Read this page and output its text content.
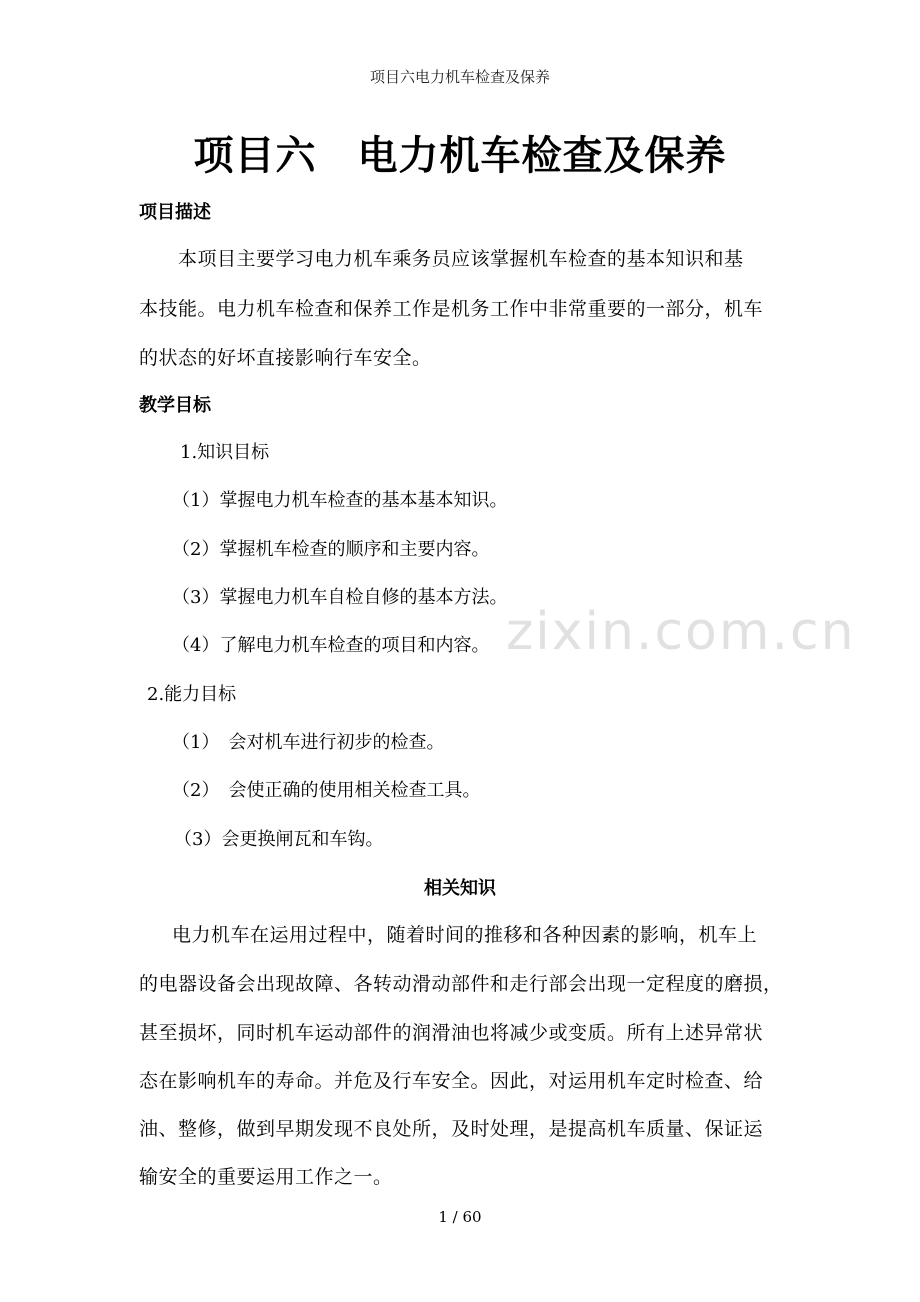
项目六电力机车检查及保养
项目六　电力机车检查及保养
项目描述
本项目主要学习电力机车乘务员应该掌握机车检查的基本知识和基
本技能。电力机车检查和保养工作是机务工作中非常重要的一部分，机车
的状态的好坏直接影响行车安全。
教学目标
1.知识目标
（1）掌握电力机车检查的基本基本知识。
（2）掌握机车检查的顺序和主要内容。
（3）掌握电力机车自检自修的基本方法。
（4）了解电力机车检查的项目和内容。 zixin.com.cn
2.能力目标
（1）　会对机车进行初步的检查。
（2）　会使正确的使用相关检查工具。
（3）会更换闸瓦和车钩。
相关知识
电力机车在运用过程中，随着时间的推移和各种因素的影响，机车上
的电器设备会出现故障、各转动滑动部件和走行部会出现一定程度的磨损，
甚至损坏，同时机车运动部件的润滑油也将减少或变质。所有上述异常状
态在影响机车的寿命。并危及行车安全。因此，对运用机车定时检查、给
油、整修，做到早期发现不良处所，及时处理，是提高机车质量、保证运
输安全的重要运用工作之一。
1 / 60
